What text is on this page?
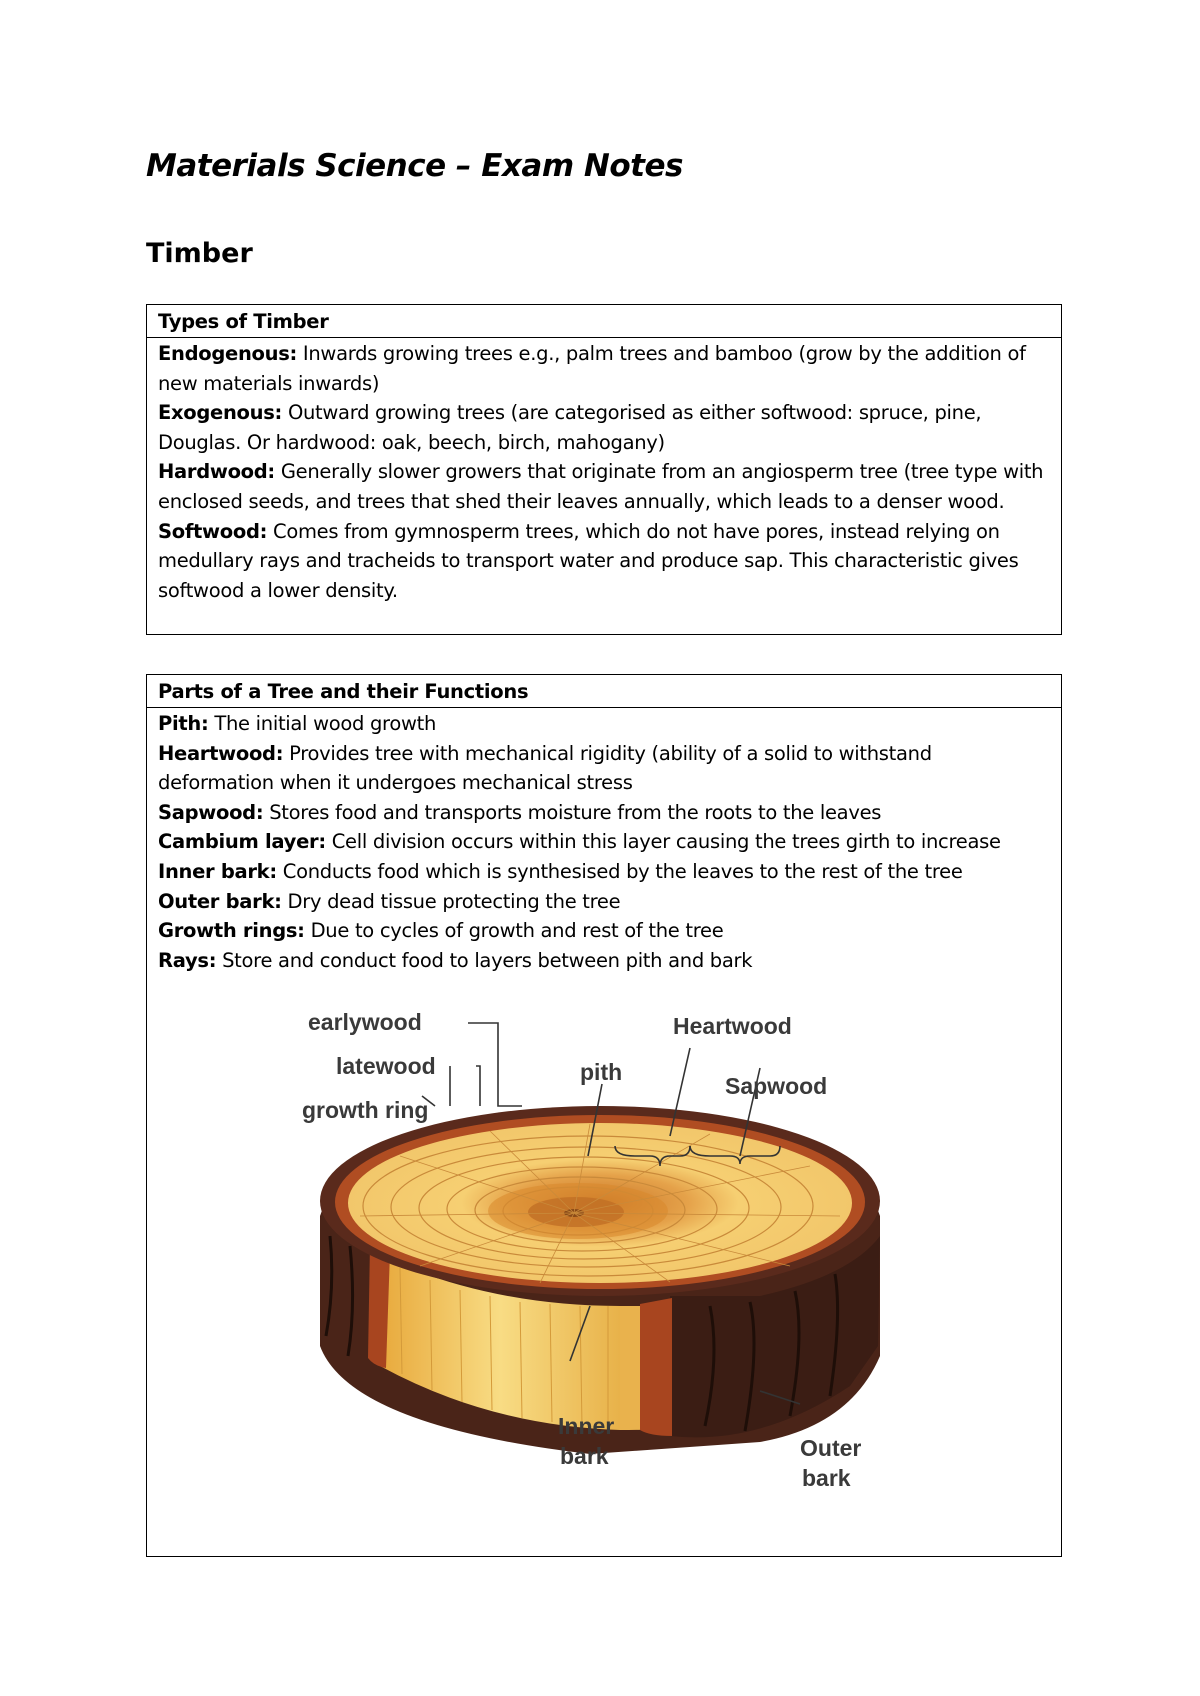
Materials Science – Exam Notes
Timber
Types of Timber

Endogenous: Inwards growing trees e.g., palm trees and bamboo (grow by the addition of new materials inwards)

Exogenous: Outward growing trees (are categorised as either softwood: spruce, pine, Douglas. Or hardwood: oak, beech, birch, mahogany)

Hardwood: Generally slower growers that originate from an angiosperm tree (tree type with enclosed seeds, and trees that shed their leaves annually, which leads to a denser wood.

Softwood: Comes from gymnosperm trees, which do not have pores, instead relying on medullary rays and tracheids to transport water and produce sap. This characteristic gives softwood a lower density.

Parts of a Tree and their Functions

Pith: The initial wood growth

Heartwood: Provides tree with mechanical rigidity (ability of a solid to withstand deformation when it undergoes mechanical stress

Sapwood: Stores food and transports moisture from the roots to the leaves

Cambium layer: Cell division occurs within this layer causing the trees girth to increase

Inner bark: Conducts food which is synthesised by the leaves to the rest of the tree

Outer bark: Dry dead tissue protecting the tree

Growth rings: Due to cycles of growth and rest of the tree

Rays: Store and conduct food to layers between pith and bark

earlywood
latewood
growth ring
pith
Heartwood
Sapwood
Inner
bark	Outer
bark
